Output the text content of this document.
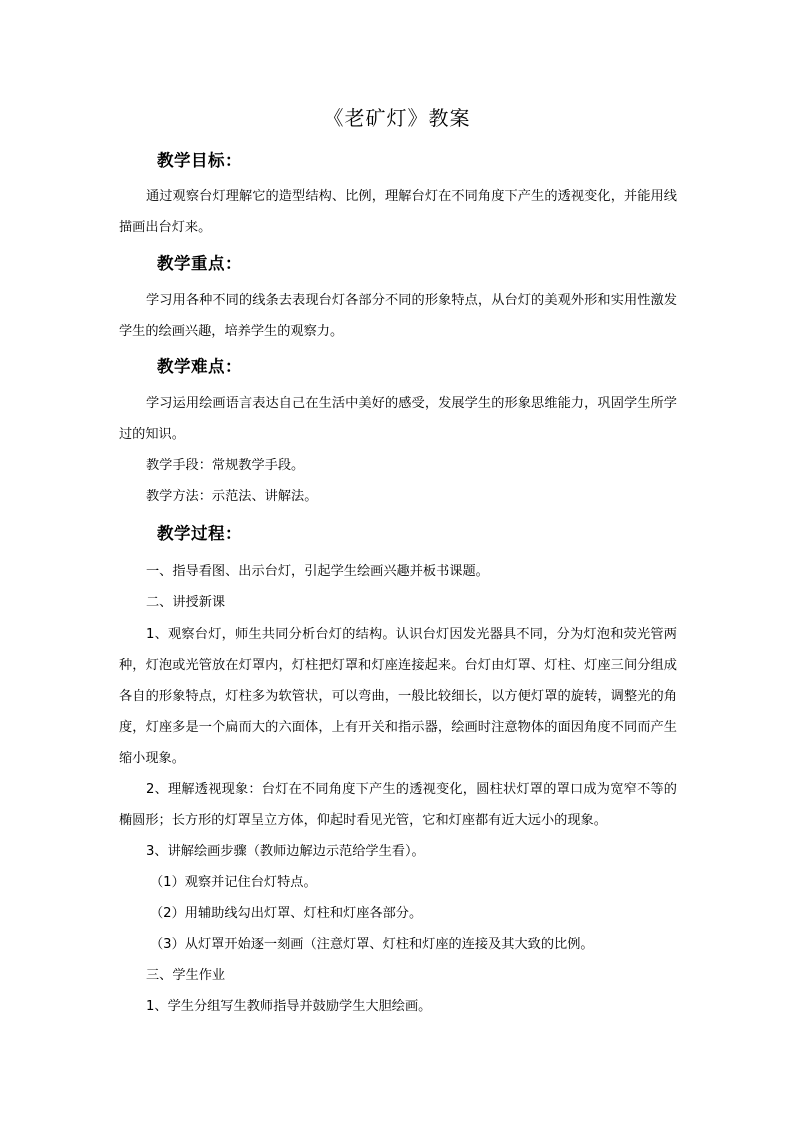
《老矿灯》教案
教学目标：

通过观察台灯理解它的造型结构、比例，理解台灯在不同角度下产生的透视变化，并能用线描画出台灯来。

教学重点：

学习用各种不同的线条去表现台灯各部分不同的形象特点，从台灯的美观外形和实用性激发学生的绘画兴趣，培养学生的观察力。

教学难点：

学习运用绘画语言表达自己在生活中美好的感受，发展学生的形象思维能力，巩固学生所学过的知识。

教学手段：常规教学手段。

教学方法：示范法、讲解法。

教学过程：

一、指导看图、出示台灯，引起学生绘画兴趣并板书课题。

二、讲授新课

1、观察台灯，师生共同分析台灯的结构。认识台灯因发光器具不同，分为灯泡和荧光管两种，灯泡或光管放在灯罩内，灯柱把灯罩和灯座连接起来。台灯由灯罩、灯柱、灯座三间分组成各自的形象特点，灯柱多为软管状，可以弯曲，一般比较细长，以方便灯罩的旋转，调整光的角度，灯座多是一个扁而大的六面体，上有开关和指示器，绘画时注意物体的面因角度不同而产生缩小现象。

2、理解透视现象：台灯在不同角度下产生的透视变化，圆柱状灯罩的罩口成为宽窄不等的椭圆形；长方形的灯罩呈立方体，仰起时看见光管，它和灯座都有近大远小的现象。

3、讲解绘画步骤（教师边解边示范给学生看）。

（1）观察并记住台灯特点。

（2）用辅助线勾出灯罩、灯柱和灯座各部分。

（3）从灯罩开始逐一刻画（注意灯罩、灯柱和灯座的连接及其大致的比例。

三、学生作业

1、学生分组写生教师指导并鼓励学生大胆绘画。
